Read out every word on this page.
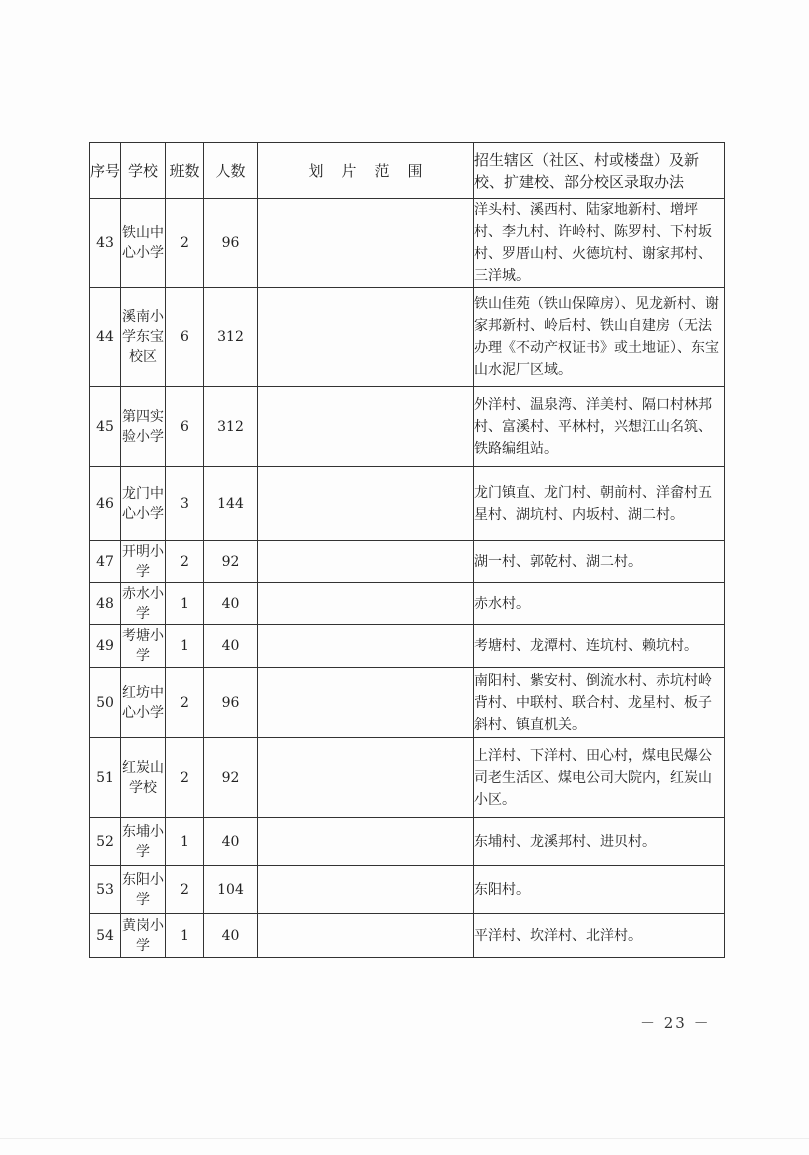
序号	学校	班数	人数	划片范围	招生辖区（社区、村或楼盘）及新校、扩建校、部分校区录取办法
43	铁山中心小学	2	96		洋头村、溪西村、陆家地新村、增坪村、李九村、许岭村、陈罗村、下村坂村、罗厝山村、火德坑村、谢家邦村、三洋城。
44	溪南小学东宝校区	6	312		铁山佳苑（铁山保障房）、见龙新村、谢家邦新村、岭后村、铁山自建房（无法办理《不动产权证书》或土地证）、东宝山水泥厂区域。
45	第四实验小学	6	312		外洋村、温泉湾、洋美村、隔口村林邦村、富溪村、平林村，兴想江山名筑、铁路编组站。
46	龙门中心小学	3	144		龙门镇直、龙门村、朝前村、洋畲村五星村、湖坑村、内坂村、湖二村。
47	开明小学	2	92		湖一村、郭乾村、湖二村。
48	赤水小学	1	40		赤水村。
49	考塘小学	1	40		考塘村、龙潭村、连坑村、赖坑村。
50	红坊中心小学	2	96		南阳村、紫安村、倒流水村、赤坑村岭背村、中联村、联合村、龙星村、板子斜村、镇直机关。
51	红炭山学校	2	92		上洋村、下洋村、田心村，煤电民爆公司老生活区、煤电公司大院内，红炭山小区。
52	东埔小学	1	40		东埔村、龙溪邦村、进贝村。
53	东阳小学	2	104		东阳村。
54	黄岗小学	1	40		平洋村、坎洋村、北洋村。
－ 23 －
